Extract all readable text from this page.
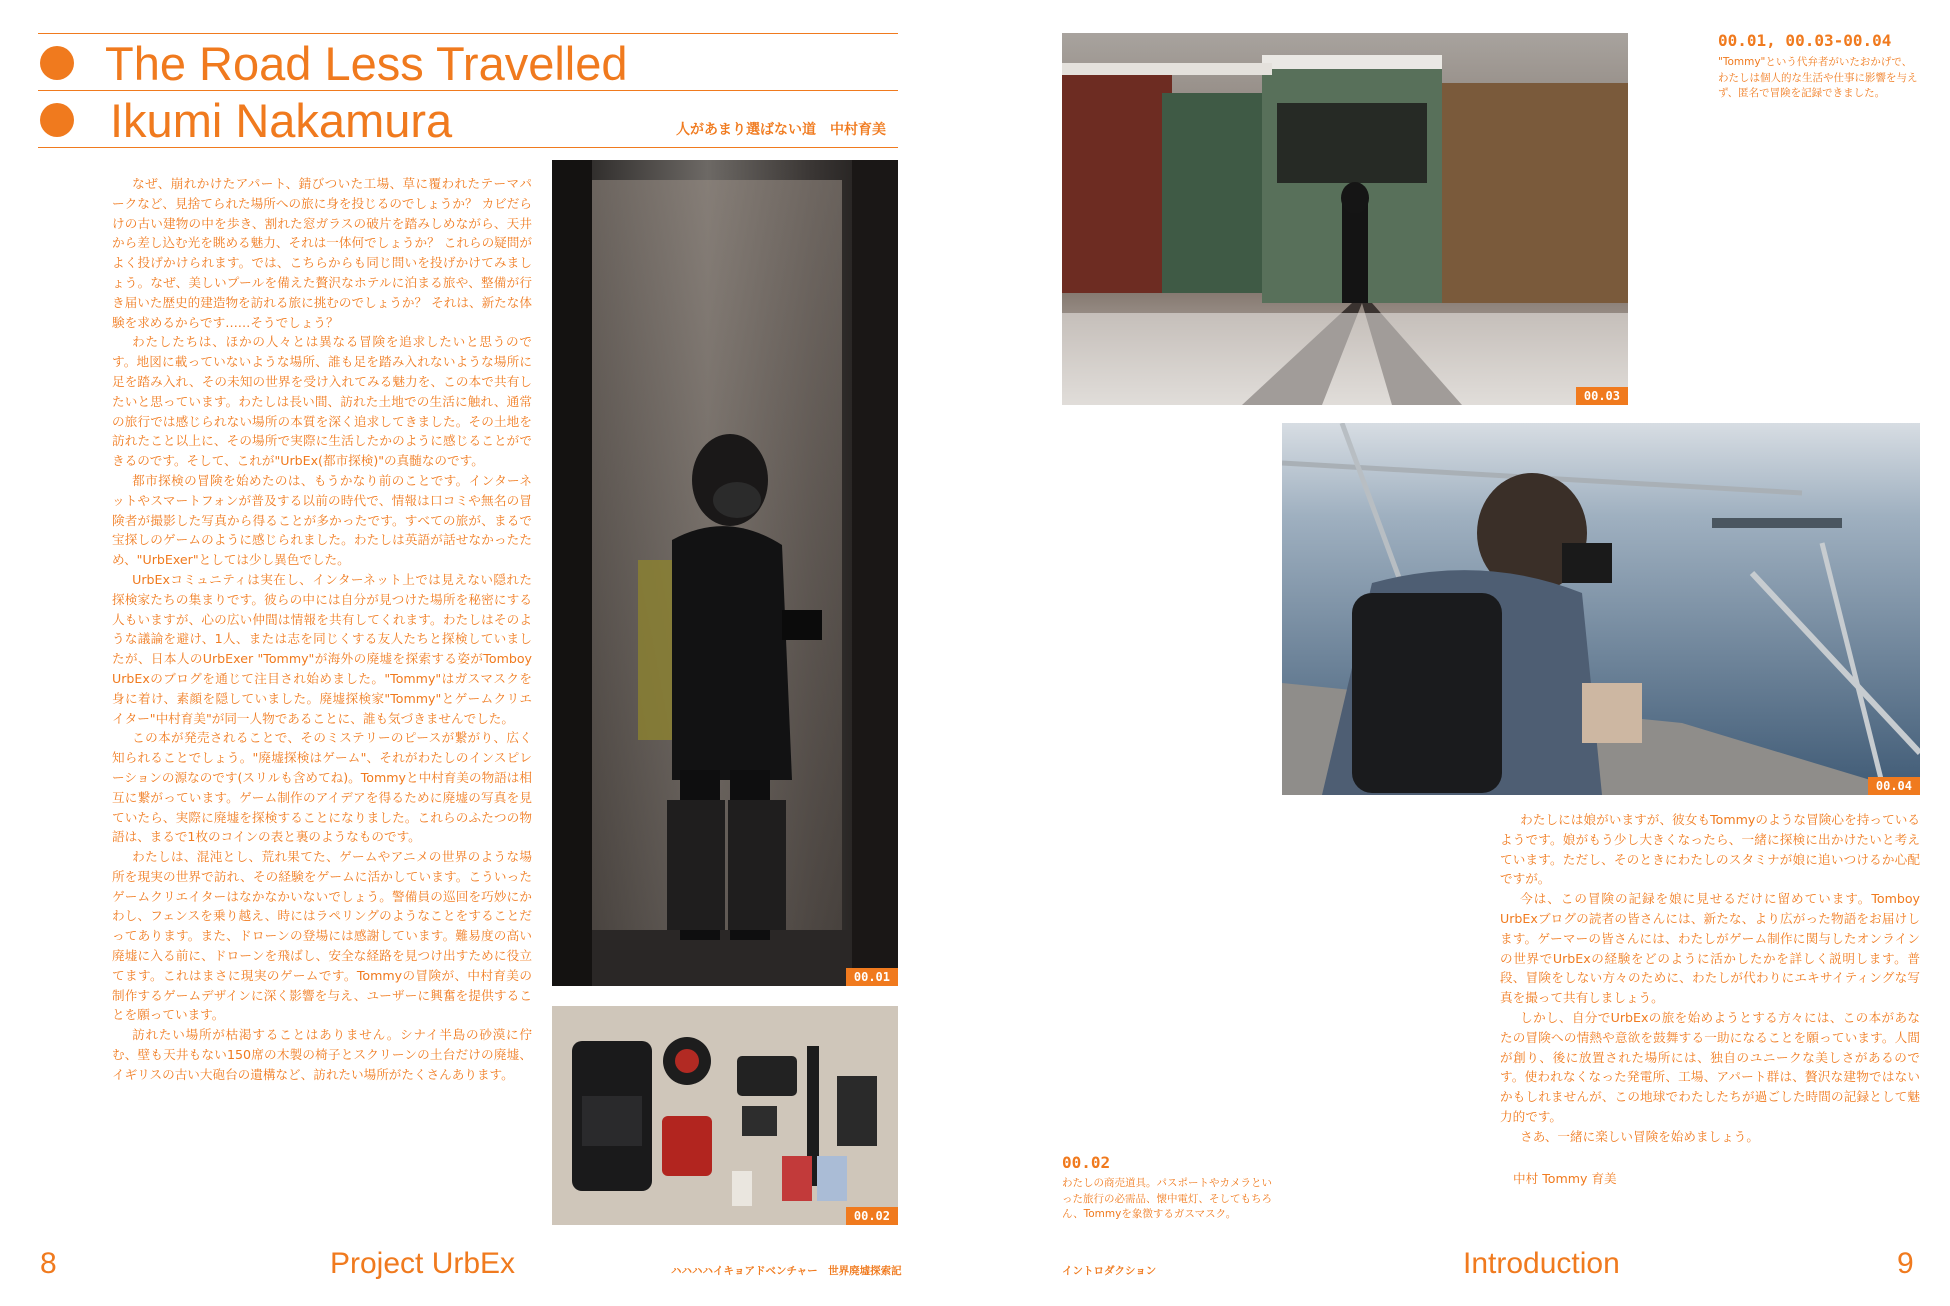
The Road Less Travelled
Ikumi Nakamura	人があまり選ばない道　中村育美

なぜ、崩れかけたアパート、錆びついた工場、草に覆われたテーマパークなど、見捨てられた場所への旅に身を投じるのでしょうか？ カビだらけの古い建物の中を歩き、割れた窓ガラスの破片を踏みしめながら、天井から差し込む光を眺める魅力、それは一体何でしょうか？ これらの疑問がよく投げかけられます。では、こちらからも同じ問いを投げかけてみましょう。なぜ、美しいプールを備えた贅沢なホテルに泊まる旅や、整備が行き届いた歴史的建造物を訪れる旅に挑むのでしょうか？ それは、新たな体験を求めるからです……そうでしょう？

わたしたちは、ほかの人々とは異なる冒険を追求したいと思うのです。地図に載っていないような場所、誰も足を踏み入れないような場所に足を踏み入れ、その未知の世界を受け入れてみる魅力を、この本で共有したいと思っています。わたしは長い間、訪れた土地での生活に触れ、通常の旅行では感じられない場所の本質を深く追求してきました。その土地を訪れたこと以上に、その場所で実際に生活したかのように感じることができるのです。そして、これが"UrbEx(都市探検)"の真髄なのです。

都市探検の冒険を始めたのは、もうかなり前のことです。インターネットやスマートフォンが普及する以前の時代で、情報は口コミや無名の冒険者が撮影した写真から得ることが多かったです。すべての旅が、まるで宝探しのゲームのように感じられました。わたしは英語が話せなかったため、"UrbExer"としては少し異色でした。

UrbExコミュニティは実在し、インターネット上では見えない隠れた探検家たちの集まりです。彼らの中には自分が見つけた場所を秘密にする人もいますが、心の広い仲間は情報を共有してくれます。わたしはそのような議論を避け、1人、または志を同じくする友人たちと探検していましたが、日本人のUrbExer "Tommy"が海外の廃墟を探索する姿がTomboy UrbExのブログを通じて注目され始めました。"Tommy"はガスマスクを身に着け、素顔を隠していました。廃墟探検家"Tommy"とゲームクリエイター"中村育美"が同一人物であることに、誰も気づきませんでした。

この本が発売されることで、そのミステリーのピースが繋がり、広く知られることでしょう。"廃墟探検はゲーム"、それがわたしのインスピレーションの源なのです(スリルも含めてね)。Tommyと中村育美の物語は相互に繋がっています。ゲーム制作のアイデアを得るために廃墟の写真を見ていたら、実際に廃墟を探検することになりました。これらのふたつの物語は、まるで1枚のコインの表と裏のようなものです。

わたしは、混沌とし、荒れ果てた、ゲームやアニメの世界のような場所を現実の世界で訪れ、その経験をゲームに活かしています。こういったゲームクリエイターはなかなかいないでしょう。警備員の巡回を巧妙にかわし、フェンスを乗り越え、時にはラペリングのようなことをすることだってあります。また、ドローンの登場には感謝しています。難易度の高い廃墟に入る前に、ドローンを飛ばし、安全な経路を見つけ出すために役立てます。これはまさに現実のゲームです。Tommyの冒険が、中村育美の制作するゲームデザインに深く影響を与え、ユーザーに興奮を提供することを願っています。

訪れたい場所が枯渇することはありません。シナイ半島の砂漠に佇む、壁も天井もない150席の木製の椅子とスクリーンの土台だけの廃墟、イギリスの古い大砲台の遺構など、訪れたい場所がたくさんあります。

00.01
00.02
8	Project UrbEx	ハハハハイキョアドベンチャー　世界廃墟探索記
00.03
00.01, 00.03-00.04
"Tommy"という代弁者がいたおかげで、わたしは個人的な生活や仕事に影響を与えず、匿名で冒険を記録できました。
00.04

わたしには娘がいますが、彼女もTommyのような冒険心を持っているようです。娘がもう少し大きくなったら、一緒に探検に出かけたいと考えています。ただし、そのときにわたしのスタミナが娘に追いつけるか心配ですが。

今は、この冒険の記録を娘に見せるだけに留めています。Tomboy UrbExブログの読者の皆さんには、新たな、より広がった物語をお届けします。ゲーマーの皆さんには、わたしがゲーム制作に関与したオンラインの世界でUrbExの経験をどのように活かしたかを詳しく説明します。普段、冒険をしない方々のために、わたしが代わりにエキサイティングな写真を撮って共有しましょう。

しかし、自分でUrbExの旅を始めようとする方々には、この本があなたの冒険への情熱や意欲を鼓舞する一助になることを願っています。人間が創り、後に放置された場所には、独自のユニークな美しさがあるのです。使われなくなった発電所、工場、アパート群は、贅沢な建物ではないかもしれませんが、この地球でわたしたちが過ごした時間の記録として魅力的です。

さあ、一緒に楽しい冒険を始めましょう。

中村 Tommy 育美
00.02
わたしの商売道具。パスポートやカメラといった旅行の必需品、懐中電灯、そしてもちろん、Tommyを象徴するガスマスク。
イントロダクション	Introduction	9
